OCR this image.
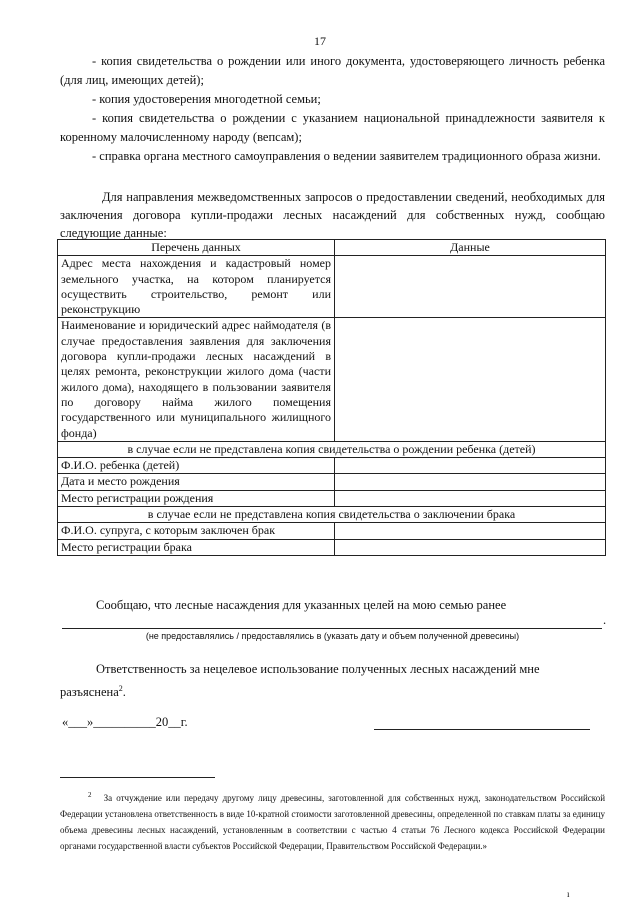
17

- копия свидетельства о рождении или иного документа, удостоверяющего личность ребенка (для лиц, имеющих детей);

- копия удостоверения многодетной семьи;

- копия свидетельства о рождении с указанием национальной принадлежности заявителя к коренному малочисленному народу (вепсам);

- справка органа местного самоуправления о ведении заявителем традиционного образа жизни.

Для направления межведомственных запросов о предоставлении сведений, необходимых для заключения договора купли-продажи лесных насаждений для собственных нужд, сообщаю следующие данные:

Перечень данных	Данные
Адрес места нахождения и кадастровый номер земельного участка, на котором планируется осуществить строительство, ремонт или реконструкцию	
Наименование и юридический адрес наймодателя (в случае предоставления заявления для заключения договора купли-продажи лесных насаждений в целях ремонта, реконструкции жилого дома (части жилого дома), находящего в пользовании заявителя по договору найма жилого помещения государственного или муниципального жилищного фонда)	
в случае если не представлена копия свидетельства о рождении ребенка (детей)	
Ф.И.О. ребенка (детей)	
Дата и место рождения	
Место регистрации рождения	
в случае если не представлена копия свидетельства о заключении брака	
Ф.И.О. супруга, с которым заключен брак	
Место регистрации брака	

Сообщаю, что лесные насаждения для указанных целей на мою семью ранее

.
(не предоставлялись / предоставлялись в (указать дату и объем полученной древесины)

Ответственность за нецелевое использование полученных лесных насаждений мне разъяснена$^2$.

«___»__________20__г.

$^2$ За отчуждение или передачу другому лицу древесины, заготовленной для собственных нужд, законодательством Российской Федерации установлена ответственность в виде 10-кратной стоимости заготовленной древесины, определенной по ставкам платы за единицу объема древесины лесных насаждений, установленным в соответствии с частью 4 статьи 76 Лесного кодекса Российской Федерации органами государственной власти субъектов Российской Федерации, Правительством Российской Федерации.»

ı
